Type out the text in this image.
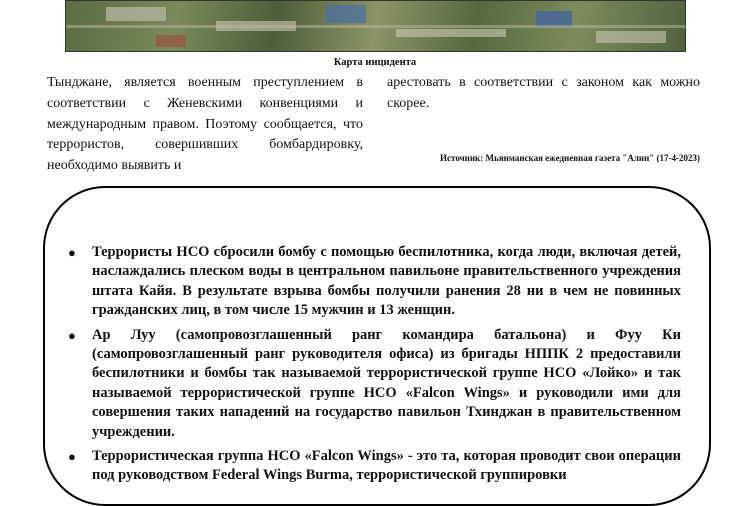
Карта инцидента

Тынджане, является военным преступлением в соответствии с Женевскими конвенциями и международным правом. Поэтому сообщается, что террористов, совершивших бомбардировку, необходимо выявить и

арестовать в соответствии с законом как можно скорее.

Источник: Мьянманская ежедневная газета "Алин" (17-4-2023)
● Террористы НСО сбросили бомбу с помощью беспилотника, когда люди, включая детей, наслаждались плеском воды в центральном павильоне правительственного учреждения штата Кайя. В результате взрыва бомбы получили ранения 28 ни в чем не повинных гражданских лиц, в том числе 15 мужчин и 13 женщин.
● Ар Луу (самопровозглашенный ранг командира батальона) и Фуу Ки (самопровозглашенный ранг руководителя офиса) из бригады НППК 2 предоставили беспилотники и бомбы так называемой террористической группе НСО «Лойко» и так называемой террористической группе НСО «Falcon Wings» и руководили ими для совершения таких нападений на государство павильон Тхинджан в правительственном учреждении.
● Террористическая группа НСО «Falcon Wings» - это та, которая проводит свои операции под руководством Federal Wings Burma, террористической группировки
